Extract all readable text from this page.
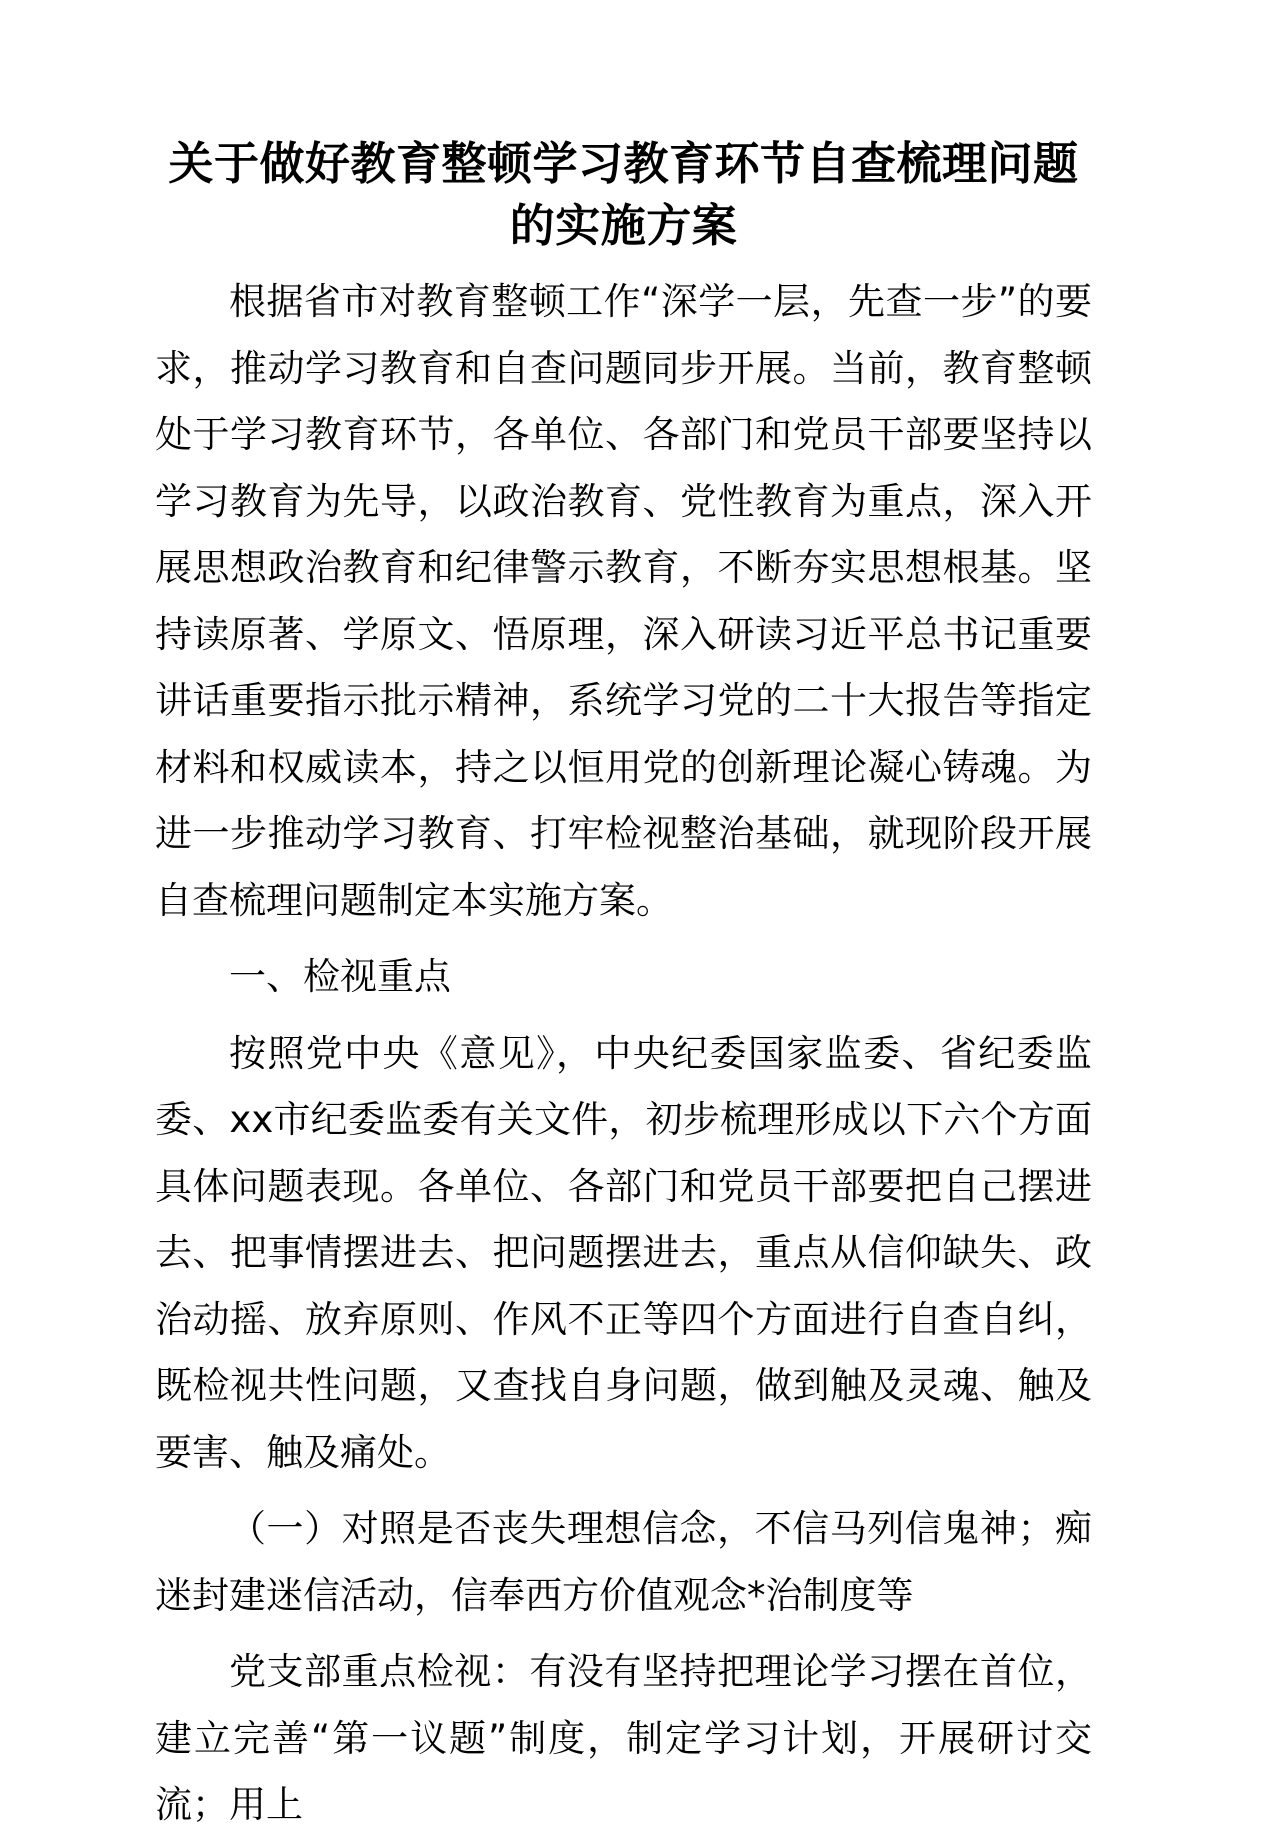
关于做好教育整顿学习教育环节自查梳理问题的实施方案

根据省市对教育整顿工作“深学一层，先查一步”的要求，推动学习教育和自查问题同步开展。当前，教育整顿处于学习教育环节，各单位、各部门和党员干部要坚持以学习教育为先导，以政治教育、党性教育为重点，深入开展思想政治教育和纪律警示教育，不断夯实思想根基。坚持读原著、学原文、悟原理，深入研读习近平总书记重要讲话重要指示批示精神，系统学习党的二十大报告等指定材料和权威读本，持之以恒用党的创新理论凝心铸魂。为进一步推动学习教育、打牢检视整治基础，就现阶段开展自查梳理问题制定本实施方案。

一、检视重点

按照党中央《意见》，中央纪委国家监委、省纪委监委、xx市纪委监委有关文件，初步梳理形成以下六个方面具体问题表现。各单位、各部门和党员干部要把自己摆进去、把事情摆进去、把问题摆进去，重点从信仰缺失、政治动摇、放弃原则、作风不正等四个方面进行自查自纠，既检视共性问题，又查找自身问题，做到触及灵魂、触及要害、触及痛处。

（一）对照是否丧失理想信念，不信马列信鬼神；痴迷封建迷信活动，信奉西方价值观念*治制度等

党支部重点检视：有没有坚持把理论学习摆在首位，建立完善“第一议题”制度，制定学习计划，开展研讨交流；用上
